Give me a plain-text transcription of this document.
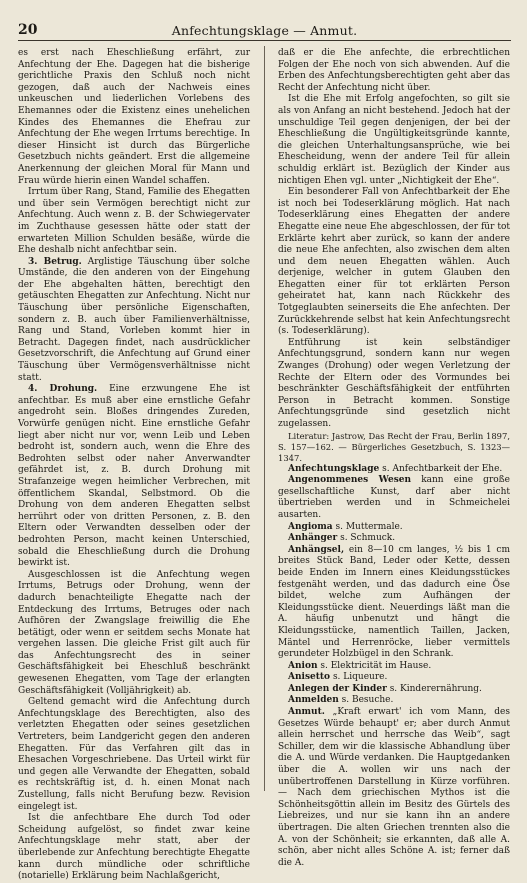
20	Anfechtungsklage — Anmut.

es erst nach Eheschließung erfährt, zur Anfechtung der Ehe. Dagegen hat die bisherige gerichtliche Praxis den Schluß noch nicht gezogen, daß auch der Nachweis eines unkeuschen und liederlichen Vorlebens des Ehemannes oder die Existenz eines unehelichen Kindes des Ehemannes die Ehefrau zur Anfechtung der Ehe wegen Irrtums berechtige. In dieser Hinsicht ist durch das Bürgerliche Gesetzbuch nichts geändert. Erst die allgemeine Anerkennung der gleichen Moral für Mann und Frau würde hierin einen Wandel schaffen.

Irrtum über Rang, Stand, Familie des Ehegatten und über sein Vermögen berechtigt nicht zur Anfechtung. Auch wenn z. B. der Schwiegervater im Zuchthause gesessen hätte oder statt der erwarteten Million Schulden besäße, würde die Ehe deshalb nicht anfechtbar sein.

3. Betrug. Arglistige Täuschung über solche Umstände, die den anderen von der Eingehung der Ehe abgehalten hätten, berechtigt den getäuschten Ehegatten zur Anfechtung. Nicht nur Täuschung über persönliche Eigenschaften, sondern z. B. auch über Familienverhältnisse, Rang und Stand, Vorleben kommt hier in Betracht. Dagegen findet, nach ausdrücklicher Gesetzvorschrift, die Anfechtung auf Grund einer Täuschung über Vermögensverhältnisse nicht statt.

4. Drohung. Eine erzwungene Ehe ist anfechtbar. Es muß aber eine ernstliche Gefahr angedroht sein. Bloßes dringendes Zureden, Vorwürfe genügen nicht. Eine ernstliche Gefahr liegt aber nicht nur vor, wenn Leib und Leben bedroht ist, sondern auch, wenn die Ehre des Bedrohten selbst oder naher Anverwandter gefährdet ist, z. B. durch Drohung mit Strafanzeige wegen heimlicher Verbrechen, mit öffentlichem Skandal, Selbstmord. Ob die Drohung von dem anderen Ehegatten selbst herrührt oder von dritten Personen, z. B. den Eltern oder Verwandten desselben oder der bedrohten Person, macht keinen Unterschied, sobald die Eheschließung durch die Drohung bewirkt ist.

Ausgeschlossen ist die Anfechtung wegen Irrtums, Betrugs oder Drohung, wenn der dadurch benachteiligte Ehegatte nach der Entdeckung des Irrtums, Betruges oder nach Aufhören der Zwangslage freiwillig die Ehe betätigt, oder wenn er seitdem sechs Monate hat vergehen lassen. Die gleiche Frist gilt auch für das Anfechtungsrecht des in seiner Geschäftsfähigkeit bei Eheschluß beschränkt gewesenen Ehegatten, vom Tage der erlangten Geschäftsfähigkeit (Volljährigkeit) ab.

Geltend gemacht wird die Anfechtung durch Anfechtungsklage des Berechtigten, also des verletzten Ehegatten oder seines gesetzlichen Vertreters, beim Landgericht gegen den anderen Ehegatten. Für das Verfahren gilt das in Ehesachen Vorgeschriebene. Das Urteil wirkt für und gegen alle Verwandte der Ehegatten, sobald es rechtskräftig ist, d. h. einen Monat nach Zustellung, falls nicht Berufung bezw. Revision eingelegt ist.

Ist die anfechtbare Ehe durch Tod oder Scheidung aufgelöst, so findet zwar keine Anfechtungsklage mehr statt, aber der überlebende zur Anfechtung berechtigte Ehegatte kann durch mündliche oder schriftliche (notarielle) Erklärung beim Nachlaßgericht,

daß er die Ehe anfechte, die erbrechtlichen Folgen der Ehe noch von sich abwenden. Auf die Erben des Anfechtungsberechtigten geht aber das Recht der Anfechtung nicht über.

Ist die Ehe mit Erfolg angefochten, so gilt sie als von Anfang an nicht bestehend. Jedoch hat der unschuldige Teil gegen denjenigen, der bei der Eheschließung die Ungültigkeitsgründe kannte, die gleichen Unterhaltungsansprüche, wie bei Ehescheidung, wenn der andere Teil für allein schuldig erklärt ist. Bezüglich der Kinder aus nichtigen Ehen vgl. unter „Nichtigkeit der Ehe“.

Ein besonderer Fall von Anfechtbarkeit der Ehe ist noch bei Todeserklärung möglich. Hat nach Todeserklärung eines Ehegatten der andere Ehegatte eine neue Ehe abgeschlossen, der für tot Erklärte kehrt aber zurück, so kann der andere die neue Ehe anfechten, also zwischen dem alten und dem neuen Ehegatten wählen. Auch derjenige, welcher in gutem Glauben den Ehegatten einer für tot erklärten Person geheiratet hat, kann nach Rückkehr des Totgeglaubten seinerseits die Ehe anfechten. Der Zurückkehrende selbst hat kein Anfechtungsrecht (s. Todeserklärung).

Entführung ist kein selbständiger Anfechtungsgrund, sondern kann nur wegen Zwanges (Drohung) oder wegen Verletzung der Rechte der Eltern oder des Vormundes bei beschränkter Geschäftsfähigkeit der entführten Person in Betracht kommen. Sonstige Anfechtungsgründe sind gesetzlich nicht zugelassen.

Literatur: Jastrow, Das Recht der Frau, Berlin 1897, S. 157—162. — Bürgerliches Gesetzbuch, S. 1323—1347.

Anfechtungsklage s. Anfechtbarkeit der Ehe.

Angenommenes Wesen kann eine große gesellschaftliche Kunst, darf aber nicht übertrieben werden und in Schmeichelei ausarten.

Angioma s. Muttermale.

Anhänger s. Schmuck.

Anhängsel, ein 8—10 cm langes, ½ bis 1 cm breites Stück Band, Leder oder Kette, dessen beide Enden im Innern eines Kleidungsstückes festgenäht werden, und das dadurch eine Öse bildet, welche zum Aufhängen der Kleidungsstücke dient. Neuerdings läßt man die A. häufig unbenutzt und hängt die Kleidungsstücke, namentlich Taillen, Jacken, Mäntel und Herrenröcke, lieber vermittels gerundeter Holzbügel in den Schrank.

Anion s. Elektricität im Hause.

Anisetto s. Liqueure.

Anlegen der Kinder s. Kinderernährung.

Anmelden s. Besuche.

Anmut. „Kraft erwart' ich vom Mann, des Gesetzes Würde behaupt' er; aber durch Anmut allein herrschet und herrsche das Weib“, sagt Schiller, dem wir die klassische Abhandlung über die A. und Würde verdanken. Die Hauptgedanken über die A. wollen wir uns nach der unübertroffenen Darstellung in Kürze vorführen. — Nach dem griechischen Mythos ist die Schönheitsgöttin allein im Besitz des Gürtels des Liebreizes, und nur sie kann ihn an andere übertragen. Die alten Griechen trennten also die A. von der Schönheit; sie erkannten, daß alle A. schön, aber nicht alles Schöne A. ist; ferner daß die A.
